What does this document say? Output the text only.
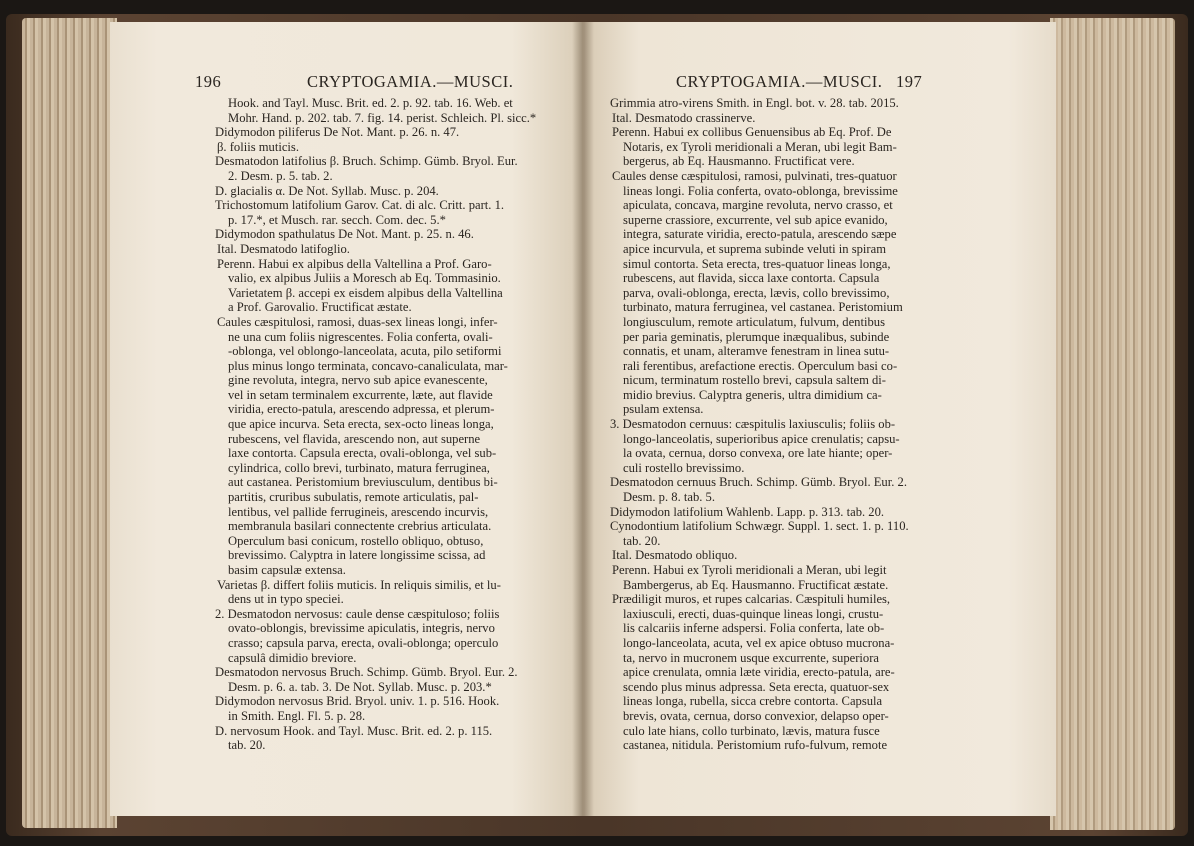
196	CRYPTOGAMIA.—MUSCI.
Hook. and Tayl. Musc. Brit. ed. 2. p. 92. tab. 16. Web. et
Mohr. Hand. p. 202. tab. 7. fig. 14. perist. Schleich. Pl. sicc.*
Didymodon piliferus De Not. Mant. p. 26. n. 47.
β. foliis muticis.
Desmatodon latifolius β. Bruch. Schimp. Gümb. Bryol. Eur.
2. Desm. p. 5. tab. 2.
D. glacialis α. De Not. Syllab. Musc. p. 204.
Trichostomum latifolium Garov. Cat. di alc. Critt. part. 1.
p. 17.*, et Musch. rar. secch. Com. dec. 5.*
Didymodon spathulatus De Not. Mant. p. 25. n. 46.
Ital. Desmatodo latifoglio.
Perenn. Habui ex alpibus della Valtellina a Prof. Garo-
valio, ex alpibus Juliis a Moresch ab Eq. Tommasinio.
Varietatem β. accepi ex eisdem alpibus della Valtellina
a Prof. Garovalio. Fructificat æstate.
Caules cæspitulosi, ramosi, duas-sex lineas longi, infer-
ne una cum foliis nigrescentes. Folia conferta, ovali-
-oblonga, vel oblongo-lanceolata, acuta, pilo setiformi
plus minus longo terminata, concavo-canaliculata, mar-
gine revoluta, integra, nervo sub apice evanescente,
vel in setam terminalem excurrente, læte, aut flavide
viridia, erecto-patula, arescendo adpressa, et plerum-
que apice incurva. Seta erecta, sex-octo lineas longa,
rubescens, vel flavida, arescendo non, aut superne
laxe contorta. Capsula erecta, ovali-oblonga, vel sub-
cylindrica, collo brevi, turbinato, matura ferruginea,
aut castanea. Peristomium breviusculum, dentibus bi-
partitis, cruribus subulatis, remote articulatis, pal-
lentibus, vel pallide ferrugineis, arescendo incurvis,
membranula basilari connectente crebrius articulata.
Operculum basi conicum, rostello obliquo, obtuso,
brevissimo. Calyptra in latere longissime scissa, ad
basim capsulæ extensa.
Varietas β. differt foliis muticis. In reliquis similis, et lu-
dens ut in typo speciei.
2. Desmatodon nervosus: caule dense cæspituloso; foliis
ovato-oblongis, brevissime apiculatis, integris, nervo
crasso; capsula parva, erecta, ovali-oblonga; operculo
capsulâ dimidio breviore.
Desmatodon nervosus Bruch. Schimp. Gümb. Bryol. Eur. 2.
Desm. p. 6. a. tab. 3. De Not. Syllab. Musc. p. 203.*
Didymodon nervosus Brid. Bryol. univ. 1. p. 516. Hook.
in Smith. Engl. Fl. 5. p. 28.
D. nervosum Hook. and Tayl. Musc. Brit. ed. 2. p. 115.
tab. 20.
CRYPTOGAMIA.—MUSCI. 197
Grimmia atro-virens Smith. in Engl. bot. v. 28. tab. 2015.
Ital. Desmatodo crassinerve.
Perenn. Habui ex collibus Genuensibus ab Eq. Prof. De
Notaris, ex Tyroli meridionali a Meran, ubi legit Bam-
bergerus, ab Eq. Hausmanno. Fructificat vere.
Caules dense cæspitulosi, ramosi, pulvinati, tres-quatuor
lineas longi. Folia conferta, ovato-oblonga, brevissime
apiculata, concava, margine revoluta, nervo crasso, et
superne crassiore, excurrente, vel sub apice evanido,
integra, saturate viridia, erecto-patula, arescendo sæpe
apice incurvula, et suprema subinde veluti in spiram
simul contorta. Seta erecta, tres-quatuor lineas longa,
rubescens, aut flavida, sicca laxe contorta. Capsula
parva, ovali-oblonga, erecta, lævis, collo brevissimo,
turbinato, matura ferruginea, vel castanea. Peristomium
longiusculum, remote articulatum, fulvum, dentibus
per paria geminatis, plerumque inæqualibus, subinde
connatis, et unam, alteramve fenestram in linea sutu-
rali ferentibus, arefactione erectis. Operculum basi co-
nicum, terminatum rostello brevi, capsula saltem di-
midio brevius. Calyptra generis, ultra dimidium ca-
psulam extensa.
3. Desmatodon cernuus: cæspitulis laxiusculis; foliis ob-
longo-lanceolatis, superioribus apice crenulatis; capsu-
la ovata, cernua, dorso convexa, ore late hiante; oper-
culi rostello brevissimo.
Desmatodon cernuus Bruch. Schimp. Gümb. Bryol. Eur. 2.
Desm. p. 8. tab. 5.
Didymodon latifolium Wahlenb. Lapp. p. 313. tab. 20.
Cynodontium latifolium Schwægr. Suppl. 1. sect. 1. p. 110.
tab. 20.
Ital. Desmatodo obliquo.
Perenn. Habui ex Tyroli meridionali a Meran, ubi legit
Bambergerus, ab Eq. Hausmanno. Fructificat æstate.
Prædiligit muros, et rupes calcarias. Cæspituli humiles,
laxiusculi, erecti, duas-quinque lineas longi, crustu-
lis calcariis inferne adspersi. Folia conferta, late ob-
longo-lanceolata, acuta, vel ex apice obtuso mucrona-
ta, nervo in mucronem usque excurrente, superiora
apice crenulata, omnia læte viridia, erecto-patula, are-
scendo plus minus adpressa. Seta erecta, quatuor-sex
lineas longa, rubella, sicca crebre contorta. Capsula
brevis, ovata, cernua, dorso convexior, delapso oper-
culo late hians, collo turbinato, lævis, matura fusce
castanea, nitidula. Peristomium rufo-fulvum, remote
